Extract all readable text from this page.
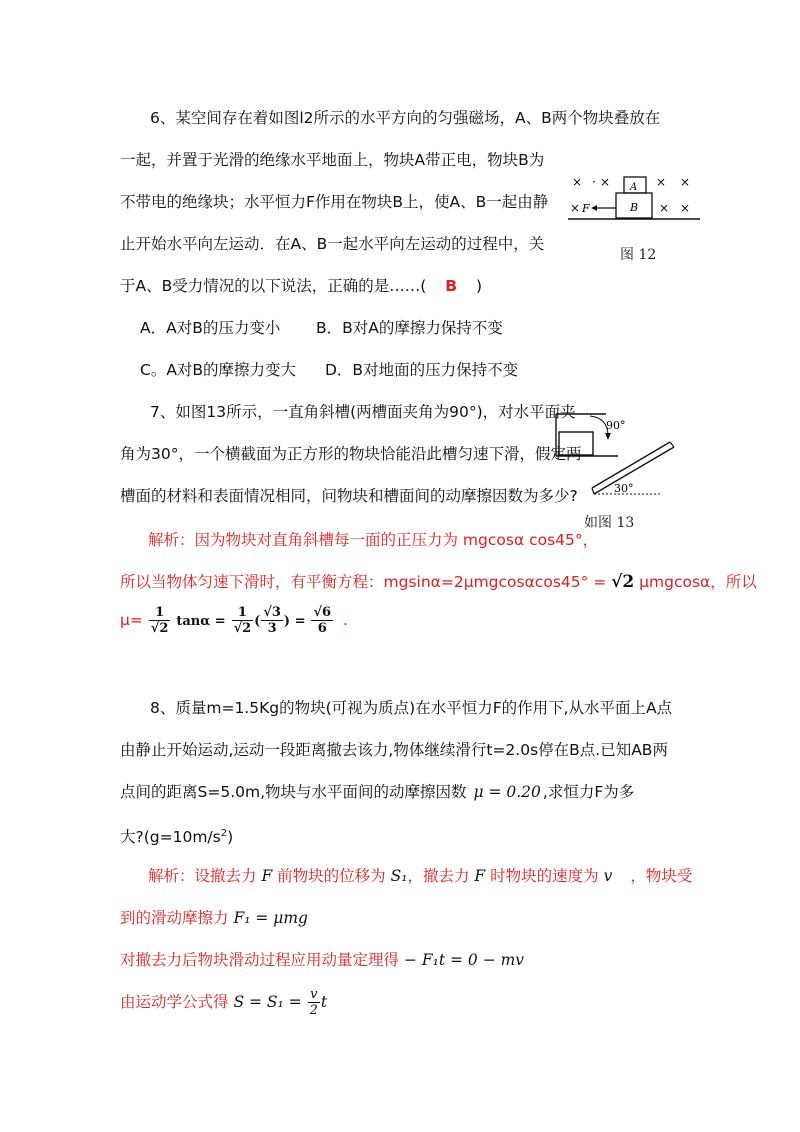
6、某空间存在着如图l2所示的水平方向的匀强磁场，A、B两个物块叠放在
一起，并置于光滑的绝缘水平地面上，物块A带正电，物块B为
不带电的绝缘块；水平恒力F作用在物块B上，使A、B一起由静
止开始水平向左运动．在A、B一起水平向左运动的过程中，关
于A、B受力情况的以下说法，正确的是……( B )
A．A对B的压力变小 B．B对A的摩擦力保持不变
C。A对B的摩擦力变大 D．B对地面的压力保持不变
× · ×	× ×
A
B
× F	× ×
图 12
7、如图13所示，一直角斜槽(两槽面夹角为90°)，对水平面夹
角为30°，一个横截面为正方形的物块恰能沿此槽匀速下滑，假定两
槽面的材料和表面情况相同，问物块和槽面间的动摩擦因数为多少?
90°
30°
如图 13
解析：因为物块对直角斜槽每一面的正压力为 mgcosα cos45°，
所以当物体匀速下滑时，有平衡方程：mgsinα=2μmgcosαcos45° = √2 μmgcosα，所以
$\mu= \frac{1}{√2}$ $\tan\alpha = \frac{1}{√2}$ ( $\frac{√3}{3}$ ) = $\frac{√6}{6}$ .
8、质量m=1.5Kg的物块(可视为质点)在水平恒力F的作用下,从水平面上A点
由静止开始运动,运动一段距离撤去该力,物体继续滑行t=2.0s停在B点.已知AB两
点间的距离S=5.0m,物块与水平面间的动摩擦因数 μ = 0.20 ,求恒力F为多
大$?(g=10m/s^2)$
解析：设撤去力 F 前物块的位移为 S₁，撤去力 F 时物块的速度为 v ，物块受
到的滑动摩擦力 F₁ = μmg
对撤去力后物块滑动过程应用动量定理得 − F₁t = 0 − mv
由运动学公式得 $S = S_1 = \frac{v}{2}$ t
